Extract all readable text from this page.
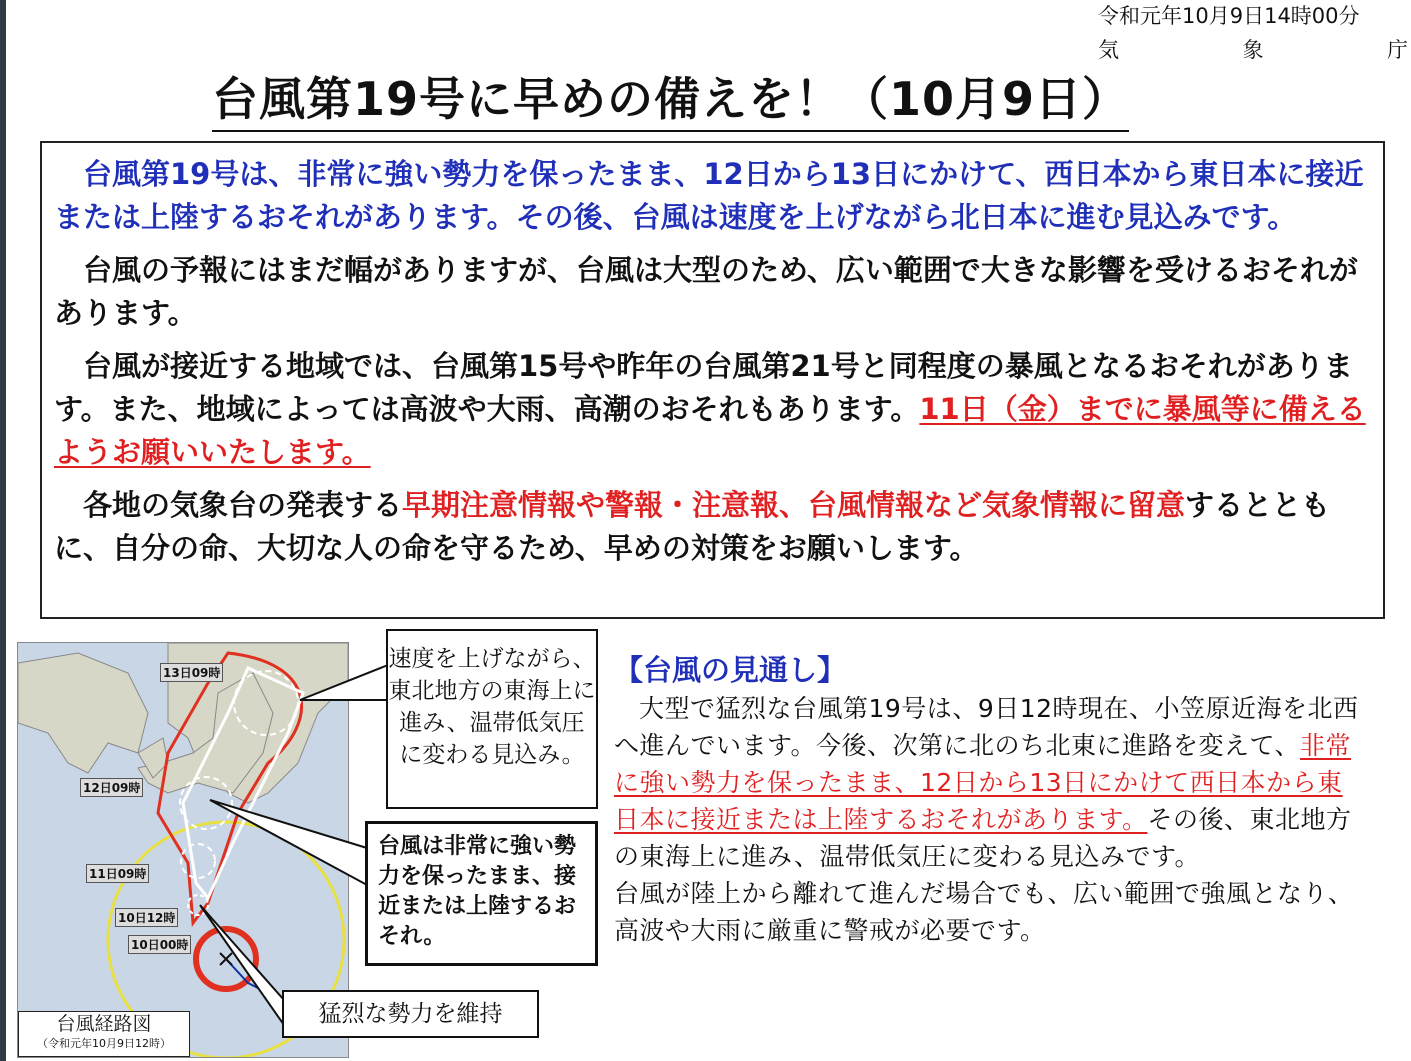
令和元年10月9日14時00分
気	象	庁
台風第19号に早めの備えを！（10月9日）

台風第19号は、非常に強い勢力を保ったまま、12日から13日にかけて、西日本から東日本に接近または上陸するおそれがあります。その後、台風は速度を上げながら北日本に進む見込みです。

台風の予報にはまだ幅がありますが、台風は大型のため、広い範囲で大きな影響を受けるおそれがあります。

台風が接近する地域では、台風第15号や昨年の台風第21号と同程度の暴風となるおそれがあります。また、地域によっては高波や大雨、高潮のおそれもあります。11日（金）までに暴風等に備えるようお願いいたします。

各地の気象台の発表する早期注意情報や警報・注意報、台風情報など気象情報に留意するとともに、自分の命、大切な人の命を守るため、早めの対策をお願いします。

13日09時
12日09時
11日09時
10日12時
10日00時
台風経路図
（令和元年10月9日12時）
速度を上げながら、東北地方の東海上に進み、温帯低気圧に変わる見込み。
台風は非常に強い勢力を保ったまま、接近または上陸するおそれ。
猛烈な勢力を維持

【台風の見通し】

大型で猛烈な台風第19号は、9日12時現在、小笠原近海を北西へ進んでいます。今後、次第に北のち北東に進路を変えて、非常に強い勢力を保ったまま、12日から13日にかけて西日本から東日本に接近または上陸するおそれがあります。その後、東北地方の東海上に進み、温帯低気圧に変わる見込みです。

台風が陸上から離れて進んだ場合でも、広い範囲で強風となり、高波や大雨に厳重に警戒が必要です。
